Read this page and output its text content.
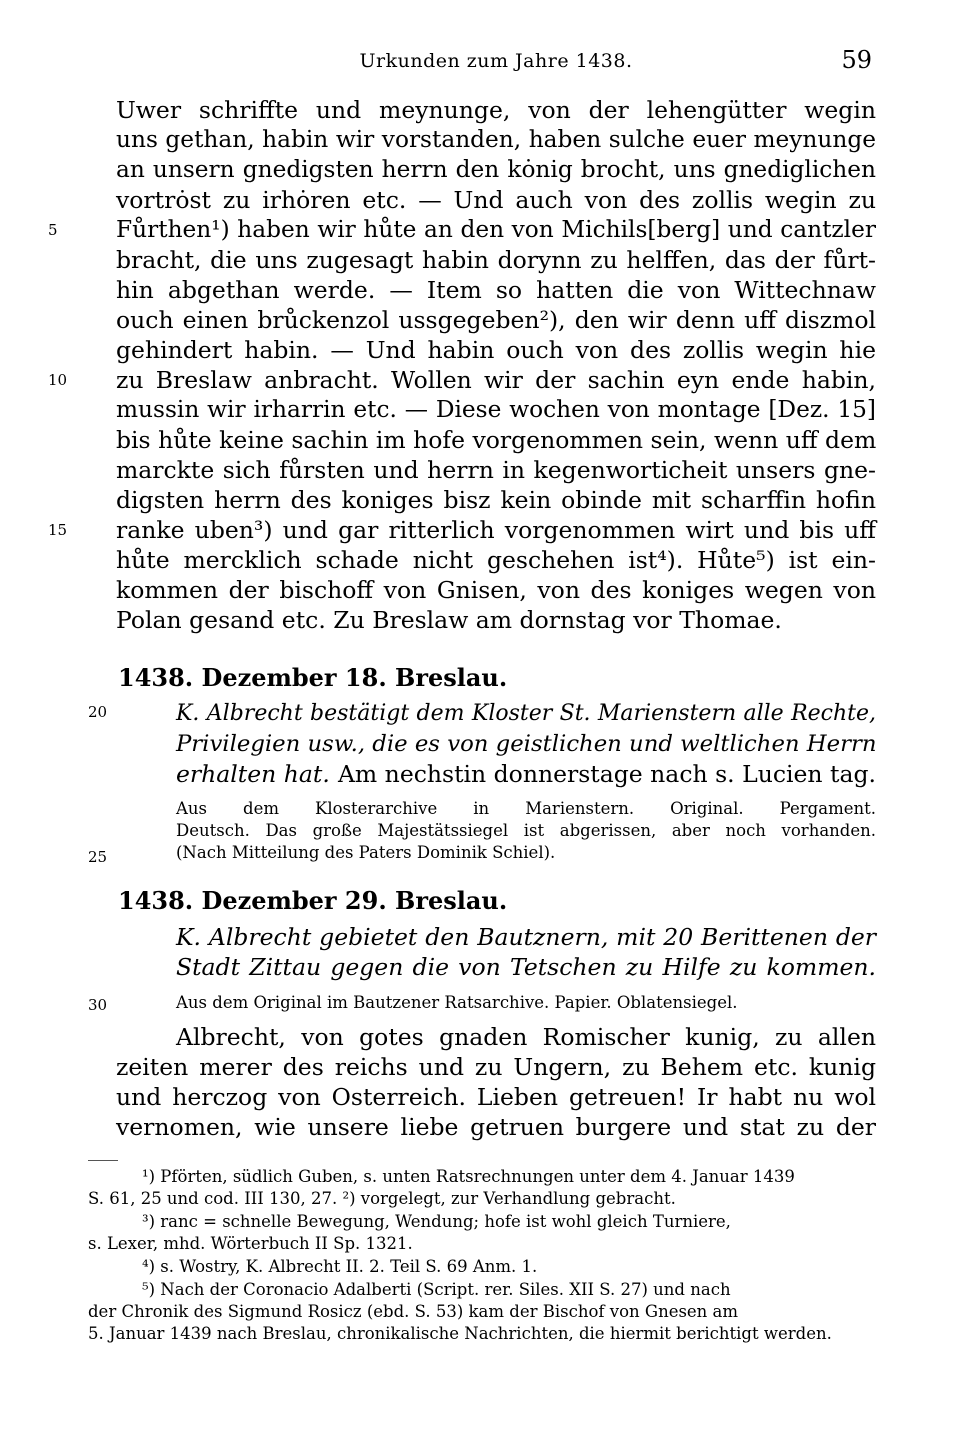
Urkunden zum Jahre 1438.	59
Uwer schriffte und meynunge, von der lehengütter wegin
uns gethan, habin wir vorstanden, haben sulche euer meynunge
an unsern gnedigsten herrn den kȯnig brocht, uns gnediglichen
vortrȯst zu irhȯren etc. — Und auch von des zollis wegin zu
Fůrthen¹) haben wir hůte an den von Michils[berg] und cantzler
bracht, die uns zugesagt habin dorynn zu helffen, das der fůrt-
hin abgethan werde. — Item so hatten die von Wittechnaw
ouch einen brůckenzol ussgegeben²), den wir denn uff diszmol
gehindert habin. — Und habin ouch von des zollis wegin hie
zu Breslaw anbracht. Wollen wir der sachin eyn ende habin,
mussin wir irharrin etc. — Diese wochen von montage [Dez. 15]
bis hůte keine sachin im hofe vorgenommen sein, wenn uff dem
marckte sich fůrsten und herrn in kegenworticheit unsers gne-
digsten herrn des koniges bisz kein obinde mit scharffin hofin
ranke uben³) und gar ritterlich vorgenommen wirt und bis uff
hůte mercklich schade nicht geschehen ist⁴). Hůte⁵) ist ein-
kommen der bischoff von Gnisen, von des koniges wegen von
Polan gesand etc. Zu Breslaw am dornstag vor Thomae.
1438. Dezember 18. Breslau.
K. Albrecht bestätigt dem Kloster St. Marienstern alle Rechte,
Privilegien usw., die es von geistlichen und weltlichen Herrn
erhalten hat. Am nechstin donnerstage nach s. Lucien tag.
Aus dem Klosterarchive in Marienstern. Original. Pergament.
Deutsch. Das große Majestätssiegel ist abgerissen, aber noch vorhanden.
(Nach Mitteilung des Paters Dominik Schiel).
1438. Dezember 29. Breslau.
K. Albrecht gebietet den Bautznern, mit 20 Berittenen der
Stadt Zittau gegen die von Tetschen zu Hilfe zu kommen.
Aus dem Original im Bautzener Ratsarchive. Papier. Oblatensiegel.
Albrecht, von gotes gnaden Romischer kunig, zu allen
zeiten merer des reichs und zu Ungern, zu Behem etc. kunig
und herczog von Osterreich. Lieben getreuen! Ir habt nu wol
vernomen, wie unsere liebe getruen burgere und stat zu der
5
10
15
20
25
30
¹) Pförten, südlich Guben, s. unten Ratsrechnungen unter dem 4. Januar 1439
S. 61, 25 und cod. III 130, 27. ²) vorgelegt, zur Verhandlung gebracht.
³) ranc = schnelle Bewegung, Wendung; hofe ist wohl gleich Turniere,
s. Lexer, mhd. Wörterbuch II Sp. 1321.
⁴) s. Wostry, K. Albrecht II. 2. Teil S. 69 Anm. 1.
⁵) Nach der Coronacio Adalberti (Script. rer. Siles. XII S. 27) und nach
der Chronik des Sigmund Rosicz (ebd. S. 53) kam der Bischof von Gnesen am
5. Januar 1439 nach Breslau, chronikalische Nachrichten, die hiermit berichtigt werden.
